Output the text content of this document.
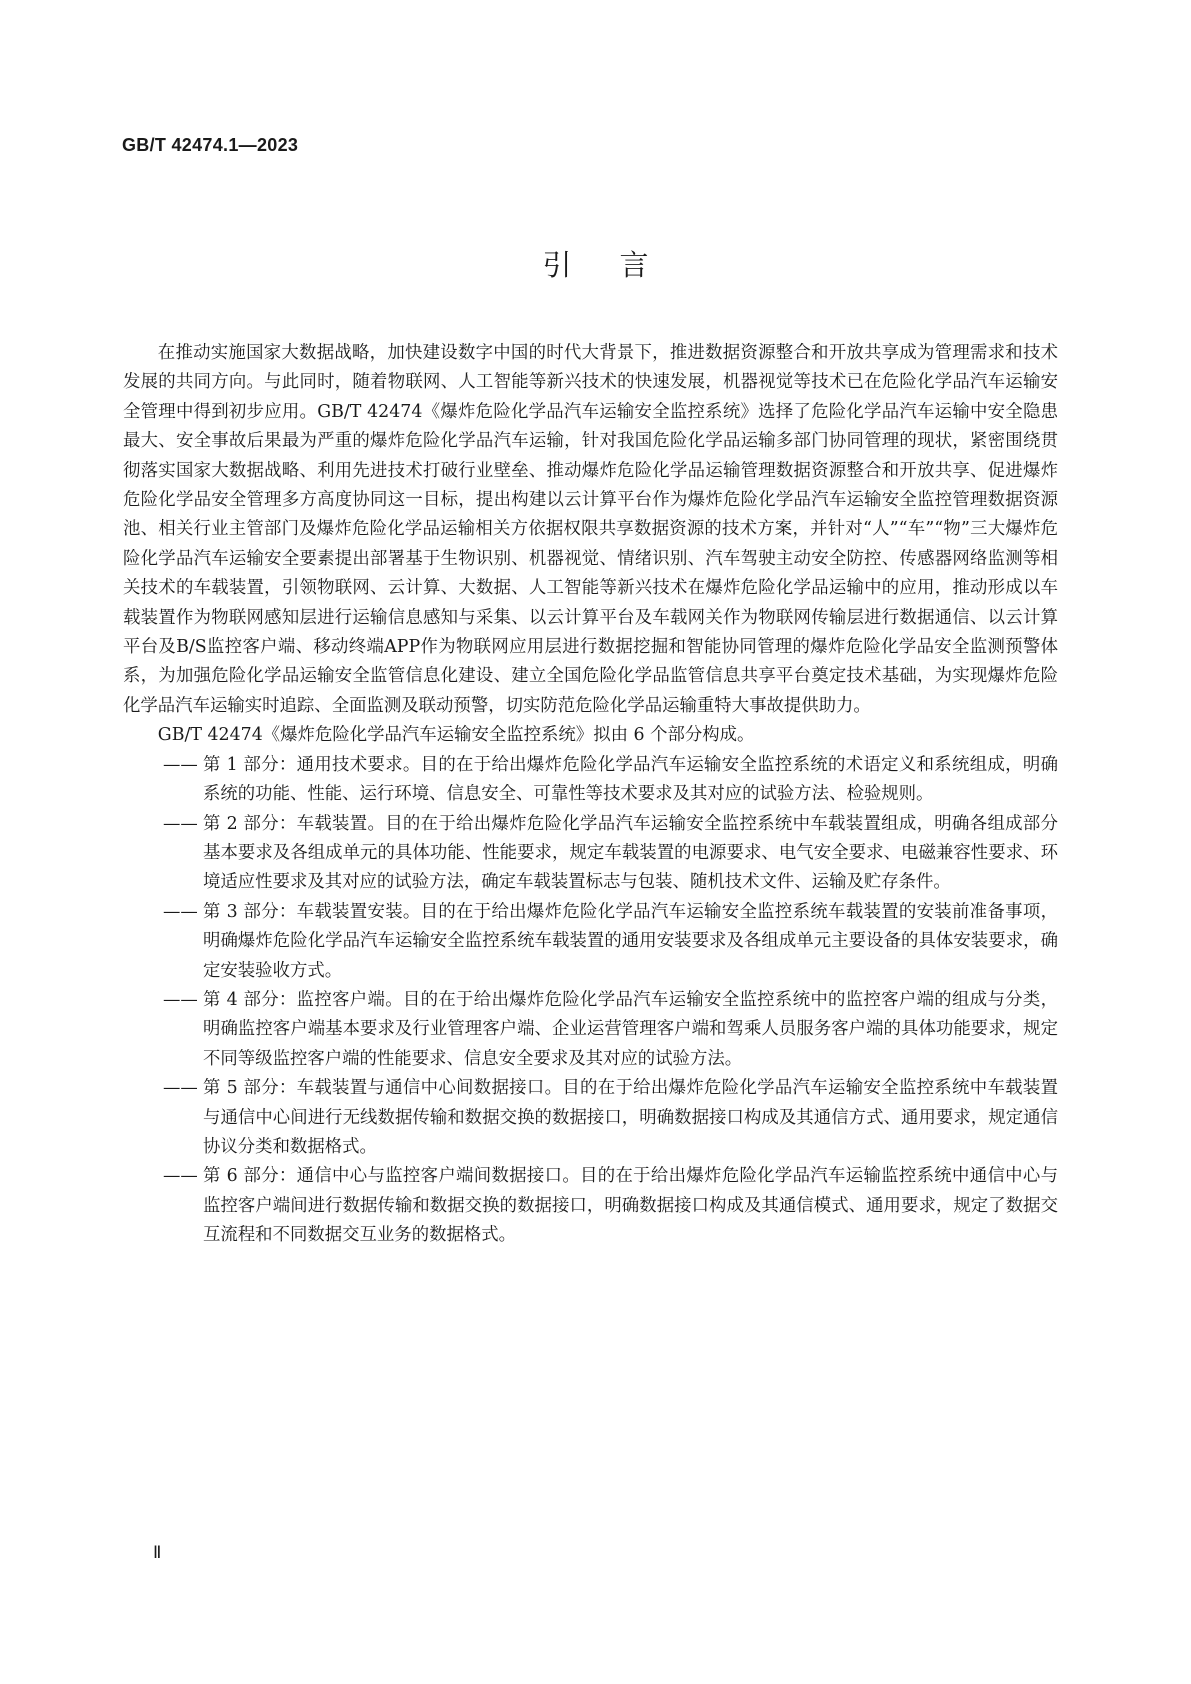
GB/T 42474.1—2023
引言

在推动实施国家大数据战略，加快建设数字中国的时代大背景下，推进数据资源整合和开放共享成为管理需求和技术发展的共同方向。与此同时，随着物联网、人工智能等新兴技术的快速发展，机器视觉等技术已在危险化学品汽车运输安全管理中得到初步应用。GB/T 42474《爆炸危险化学品汽车运输安全监控系统》选择了危险化学品汽车运输中安全隐患最大、安全事故后果最为严重的爆炸危险化学品汽车运输，针对我国危险化学品运输多部门协同管理的现状，紧密围绕贯彻落实国家大数据战略、利用先进技术打破行业壁垒、推动爆炸危险化学品运输管理数据资源整合和开放共享、促进爆炸危险化学品安全管理多方高度协同这一目标，提出构建以云计算平台作为爆炸危险化学品汽车运输安全监控管理数据资源池、相关行业主管部门及爆炸危险化学品运输相关方依据权限共享数据资源的技术方案，并针对“人”“车”“物”三大爆炸危险化学品汽车运输安全要素提出部署基于生物识别、机器视觉、情绪识别、汽车驾驶主动安全防控、传感器网络监测等相关技术的车载装置，引领物联网、云计算、大数据、人工智能等新兴技术在爆炸危险化学品运输中的应用，推动形成以车载装置作为物联网感知层进行运输信息感知与采集、以云计算平台及车载网关作为物联网传输层进行数据通信、以云计算平台及B/S监控客户端、移动终端APP作为物联网应用层进行数据挖掘和智能协同管理的爆炸危险化学品安全监测预警体系，为加强危险化学品运输安全监管信息化建设、建立全国危险化学品监管信息共享平台奠定技术基础，为实现爆炸危险化学品汽车运输实时追踪、全面监测及联动预警，切实防范危险化学品运输重特大事故提供助力。

GB/T 42474《爆炸危险化学品汽车运输安全监控系统》拟由 6 个部分构成。

—— 第 1 部分：通用技术要求。目的在于给出爆炸危险化学品汽车运输安全监控系统的术语定义和系统组成，明确系统的功能、性能、运行环境、信息安全、可靠性等技术要求及其对应的试验方法、检验规则。
—— 第 2 部分：车载装置。目的在于给出爆炸危险化学品汽车运输安全监控系统中车载装置组成，明确各组成部分基本要求及各组成单元的具体功能、性能要求，规定车载装置的电源要求、电气安全要求、电磁兼容性要求、环境适应性要求及其对应的试验方法，确定车载装置标志与包装、随机技术文件、运输及贮存条件。
—— 第 3 部分：车载装置安装。目的在于给出爆炸危险化学品汽车运输安全监控系统车载装置的安装前准备事项，明确爆炸危险化学品汽车运输安全监控系统车载装置的通用安装要求及各组成单元主要设备的具体安装要求，确定安装验收方式。
—— 第 4 部分：监控客户端。目的在于给出爆炸危险化学品汽车运输安全监控系统中的监控客户端的组成与分类，明确监控客户端基本要求及行业管理客户端、企业运营管理客户端和驾乘人员服务客户端的具体功能要求，规定不同等级监控客户端的性能要求、信息安全要求及其对应的试验方法。
—— 第 5 部分：车载装置与通信中心间数据接口。目的在于给出爆炸危险化学品汽车运输安全监控系统中车载装置与通信中心间进行无线数据传输和数据交换的数据接口，明确数据接口构成及其通信方式、通用要求，规定通信协议分类和数据格式。
—— 第 6 部分：通信中心与监控客户端间数据接口。目的在于给出爆炸危险化学品汽车运输监控系统中通信中心与监控客户端间进行数据传输和数据交换的数据接口，明确数据接口构成及其通信模式、通用要求，规定了数据交互流程和不同数据交互业务的数据格式。
Ⅱ
